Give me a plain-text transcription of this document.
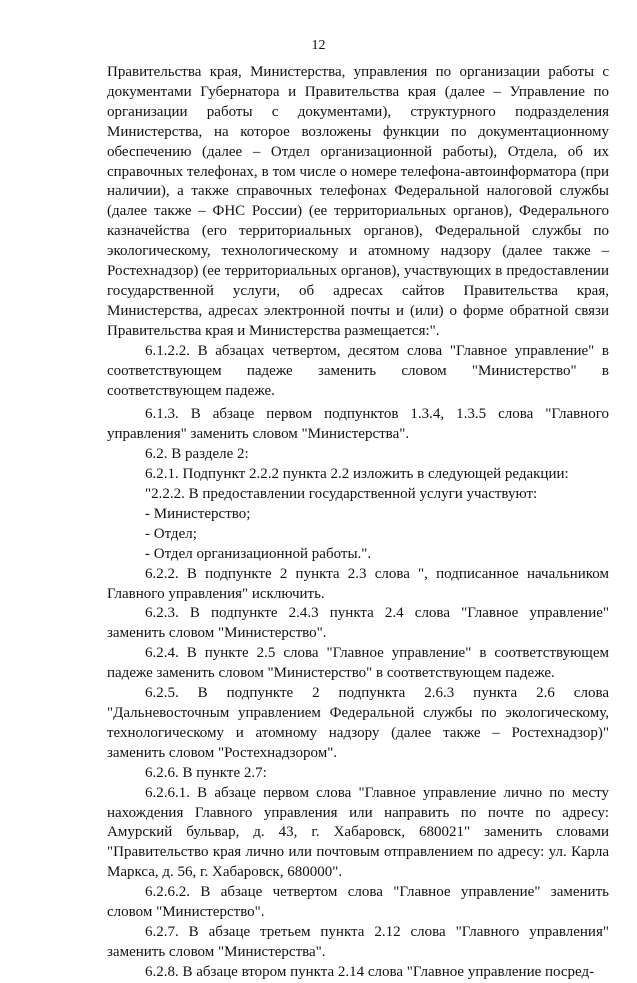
12

Правительства края, Министерства, управления по организации работы с документами Губернатора и Правительства края (далее – Управление по организации работы с документами), структурного подразделения Министерства, на которое возложены функции по документационному обеспечению (далее – Отдел организационной работы), Отдела, об их справочных телефонах, в том числе о номере телефона-автоинформатора (при наличии), а также справочных телефонах Федеральной налоговой службы (далее также – ФНС России) (ее территориальных органов), Федерального казначейства (его территориальных органов), Федеральной службы по экологическому, технологическому и атомному надзору (далее также – Ростехнадзор) (ее территориальных органов), участвующих в предоставлении государственной услуги, об адресах сайтов Правительства края, Министерства, адресах электронной почты и (или) о форме обратной связи Правительства края и Министерства размещается:".

6.1.2.2. В абзацах четвертом, десятом слова "Главное управление" в соответствующем падеже заменить словом "Министерство" в соответствующем падеже.

6.1.3. В абзаце первом подпунктов 1.3.4, 1.3.5 слова "Главного управления" заменить словом "Министерства".

6.2. В разделе 2:

6.2.1. Подпункт 2.2.2 пункта 2.2 изложить в следующей редакции:

"2.2.2. В предоставлении государственной услуги участвуют:

- Министерство;

- Отдел;

- Отдел организационной работы.".

6.2.2. В подпункте 2 пункта 2.3 слова ", подписанное начальником Главного управления" исключить.

6.2.3. В подпункте 2.4.3 пункта 2.4 слова "Главное управление" заменить словом "Министерство".

6.2.4. В пункте 2.5 слова "Главное управление" в соответствующем падеже заменить словом "Министерство" в соответствующем падеже.

6.2.5. В подпункте 2 подпункта 2.6.3 пункта 2.6 слова "Дальневосточным управлением Федеральной службы по экологическому, технологическому и атомному надзору (далее также – Ростехнадзор)" заменить словом "Ростехнадзором".

6.2.6. В пункте 2.7:

6.2.6.1. В абзаце первом слова "Главное управление лично по месту нахождения Главного управления или направить по почте по адресу: Амурский бульвар, д. 43, г. Хабаровск, 680021" заменить словами "Правительство края лично или почтовым отправлением по адресу: ул. Карла Маркса, д. 56, г. Хабаровск, 680000".

6.2.6.2. В абзаце четвертом слова "Главное управление" заменить словом "Министерство".

6.2.7. В абзаце третьем пункта 2.12 слова "Главного управления" заменить словом "Министерства".

6.2.8. В абзаце втором пункта 2.14 слова "Главное управление посред-
